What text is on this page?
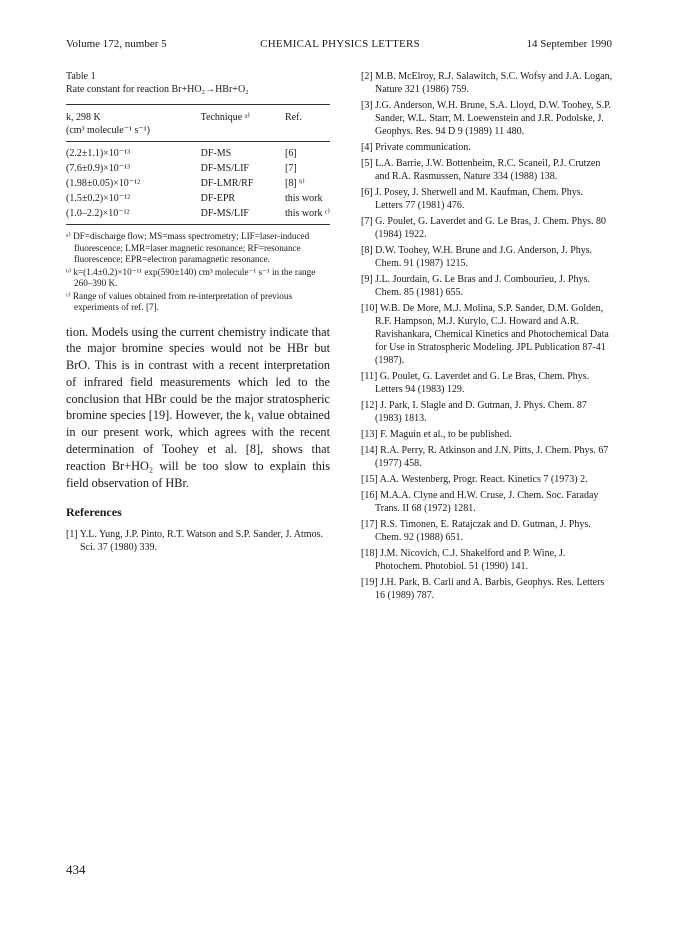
Volume 172, number 5	CHEMICAL PHYSICS LETTERS	14 September 1990

Table 1

Rate constant for reaction Br+HO₂→HBr+O₂

k, 298 K
(cm³ molecule⁻¹ s⁻¹)	Technique ᵃ⁾	Ref.

(2.2±1.1)×10⁻¹³	DF-MS	[6]
(7.6±0.9)×10⁻¹³	DF-MS/LIF	[7]
(1.98±0.05)×10⁻¹²	DF-LMR/RF	[8] ᵇ⁾
(1.5±0.2)×10⁻¹²	DF-EPR	this work
(1.0–2.2)×10⁻¹²	DF-MS/LIF	this work ᶜ⁾

ᵃ⁾ DF=discharge flow; MS=mass spectrometry; LIF=laser-induced fluorescence; LMR=laser magnetic resonance; RF=resonance fluorescence; EPR=electron paramagnetic resonance.

ᵇ⁾ k=(1.4±0.2)×10⁻¹¹ exp(590±140) cm³ molecule⁻¹ s⁻¹ in the range 260–390 K.

ᶜ⁾ Range of values obtained from re-interpretation of previous experiments of ref. [7].

tion. Models using the current chemistry indicate that the major bromine species would not be HBr but BrO. This is in contrast with a recent interpretation of infrared field measurements which led to the conclusion that HBr could be the major stratospheric bromine species [19]. However, the k₁ value obtained in our present work, which agrees with the recent determination of Toohey et al. [8], shows that reaction Br+HO₂ will be too slow to explain this field observation of HBr.

References

[1] Y.L. Yung, J.P. Pinto, R.T. Watson and S.P. Sander, J. Atmos. Sci. 37 (1980) 339.

[2] M.B. McElroy, R.J. Salawitch, S.C. Wofsy and J.A. Logan, Nature 321 (1986) 759.

[3] J.G. Anderson, W.H. Brune, S.A. Lloyd, D.W. Toohey, S.P. Sander, W.L. Starr, M. Loewenstein and J.R. Podolske, J. Geophys. Res. 94 D 9 (1989) 11 480.

[4] Private communication.

[5] L.A. Barrie, J.W. Bottenheim, R.C. Scaneil, P.J. Crutzen and R.A. Rasmussen, Nature 334 (1988) 138.

[6] J. Posey, J. Sherwell and M. Kaufman, Chem. Phys. Letters 77 (1981) 476.

[7] G. Poulet, G. Laverdet and G. Le Bras, J. Chem. Phys. 80 (1984) 1922.

[8] D.W. Toohey, W.H. Brune and J.G. Anderson, J. Phys. Chem. 91 (1987) 1215.

[9] J.L. Jourdain, G. Le Bras and J. Combourieu, J. Phys. Chem. 85 (1981) 655.

[10] W.B. De More, M.J. Molina, S.P. Sander, D.M. Golden, R.F. Hampson, M.J. Kurylo, C.J. Howard and A.R. Ravishankara, Chemical Kinetics and Photochemical Data for Use in Stratospheric Modeling. JPL Publication 87-41 (1987).

[11] G. Poulet, G. Laverdet and G. Le Bras, Chem. Phys. Letters 94 (1983) 129.

[12] J. Park, I. Slagle and D. Gutman, J. Phys. Chem. 87 (1983) 1813.

[13] F. Maguin et al., to be published.

[14] R.A. Perry, R. Atkinson and J.N. Pitts, J. Chem. Phys. 67 (1977) 458.

[15] A.A. Westenberg, Progr. React. Kinetics 7 (1973) 2.

[16] M.A.A. Clyne and H.W. Cruse, J. Chem. Soc. Faraday Trans. II 68 (1972) 1281.

[17] R.S. Timonen, E. Ratajczak and D. Gutman, J. Phys. Chem. 92 (1988) 651.

[18] J.M. Nicovich, C.J. Shakelford and P. Wine, J. Photochem. Photobiol. 51 (1990) 141.

[19] J.H. Park, B. Carli and A. Barbis, Geophys. Res. Letters 16 (1989) 787.

434
